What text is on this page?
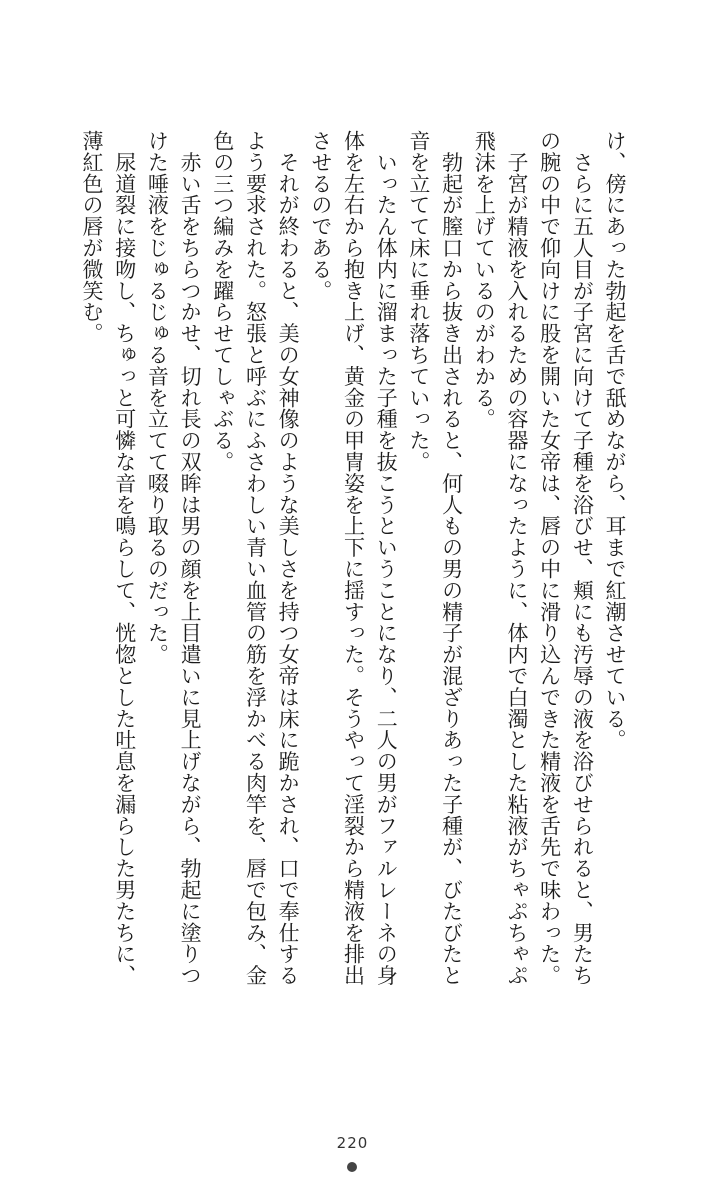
け、傍にあった勃起を舌で舐めながら、耳まで紅潮させている。
　さらに五人目が子宮に向けて子種を浴びせ、頬にも汚辱の液を浴びせられると、男たち
の腕の中で仰向けに股を開いた女帝は、唇の中に滑り込んできた精液を舌先で味わった。
　子宮が精液を入れるための容器になったように、体内で白濁とした粘液がちゃぷちゃぷ
飛沫を上げているのがわかる。
　勃起が膣口から抜き出されると、何人もの男の精子が混ざりあった子種が、びたびたと
音を立てて床に垂れ落ちていった。
　いったん体内に溜まった子種を抜こうということになり、二人の男がファルレーネの身
体を左右から抱き上げ、黄金の甲冑姿を上下に揺すった。そうやって淫裂から精液を排出
させるのである。
　それが終わると、美の女神像のような美しさを持つ女帝は床に跪かされ、口で奉仕する
よう要求された。怒張と呼ぶにふさわしい青い血管の筋を浮かべる肉竿を、唇で包み、金
色の三つ編みを躍らせてしゃぶる。
　赤い舌をちらつかせ、切れ長の双眸は男の顔を上目遣いに見上げながら、勃起に塗りつ
けた唾液をじゅるじゅる音を立てて啜り取るのだった。
　尿道裂に接吻し、ちゅっと可憐な音を鳴らして、恍惚とした吐息を漏らした男たちに、
薄紅色の唇が微笑む。
220
